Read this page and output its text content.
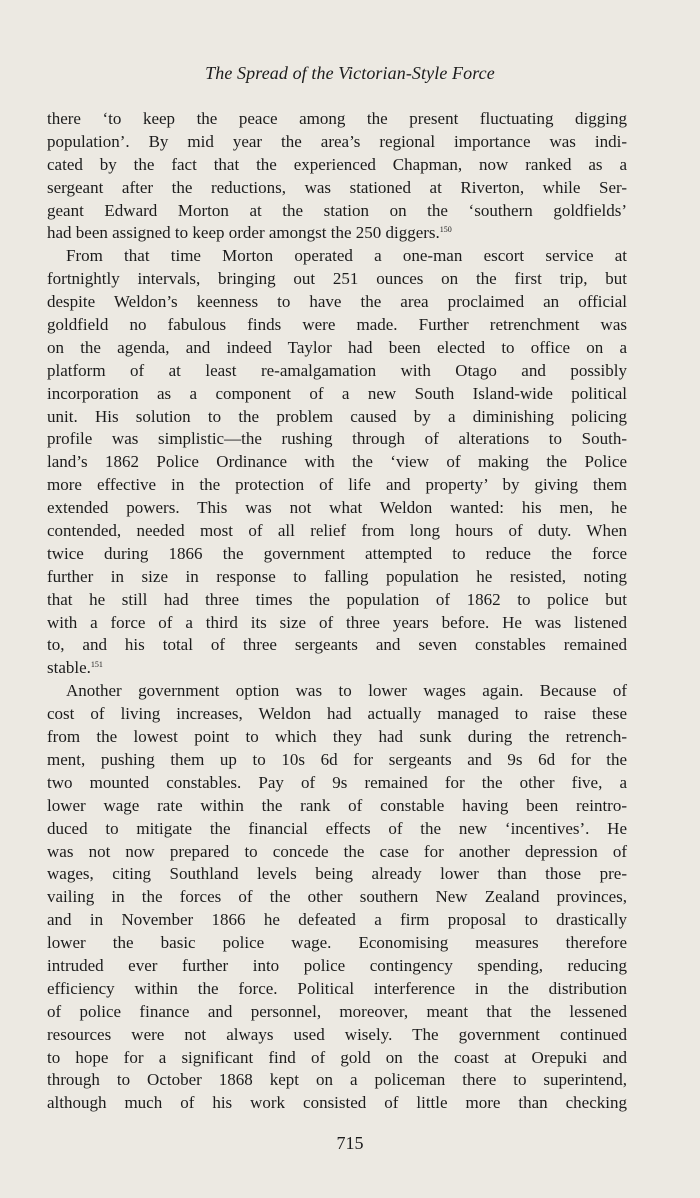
The Spread of the Victorian-Style Force
there ‘to keep the peace among the present fluctuating digging
population’. By mid year the area’s regional importance was indi-
cated by the fact that the experienced Chapman, now ranked as a
sergeant after the reductions, was stationed at Riverton, while Ser-
geant Edward Morton at the station on the ‘southern goldfields’
had been assigned to keep order amongst the 250 diggers.$^{150}$
From that time Morton operated a one-man escort service at
fortnightly intervals, bringing out 251 ounces on the first trip, but
despite Weldon’s keenness to have the area proclaimed an official
goldfield no fabulous finds were made. Further retrenchment was
on the agenda, and indeed Taylor had been elected to office on a
platform of at least re-amalgamation with Otago and possibly
incorporation as a component of a new South Island-wide political
unit. His solution to the problem caused by a diminishing policing
profile was simplistic—the rushing through of alterations to South-
land’s 1862 Police Ordinance with the ‘view of making the Police
more effective in the protection of life and property’ by giving them
extended powers. This was not what Weldon wanted: his men, he
contended, needed most of all relief from long hours of duty. When
twice during 1866 the government attempted to reduce the force
further in size in response to falling population he resisted, noting
that he still had three times the population of 1862 to police but
with a force of a third its size of three years before. He was listened
to, and his total of three sergeants and seven constables remained
stable.$^{151}$
Another government option was to lower wages again. Because of
cost of living increases, Weldon had actually managed to raise these
from the lowest point to which they had sunk during the retrench-
ment, pushing them up to 10s 6d for sergeants and 9s 6d for the
two mounted constables. Pay of 9s remained for the other five, a
lower wage rate within the rank of constable having been reintro-
duced to mitigate the financial effects of the new ‘incentives’. He
was not now prepared to concede the case for another depression of
wages, citing Southland levels being already lower than those pre-
vailing in the forces of the other southern New Zealand provinces,
and in November 1866 he defeated a firm proposal to drastically
lower the basic police wage. Economising measures therefore
intruded ever further into police contingency spending, reducing
efficiency within the force. Political interference in the distribution
of police finance and personnel, moreover, meant that the lessened
resources were not always used wisely. The government continued
to hope for a significant find of gold on the coast at Orepuki and
through to October 1868 kept on a policeman there to superintend,
although much of his work consisted of little more than checking
715
